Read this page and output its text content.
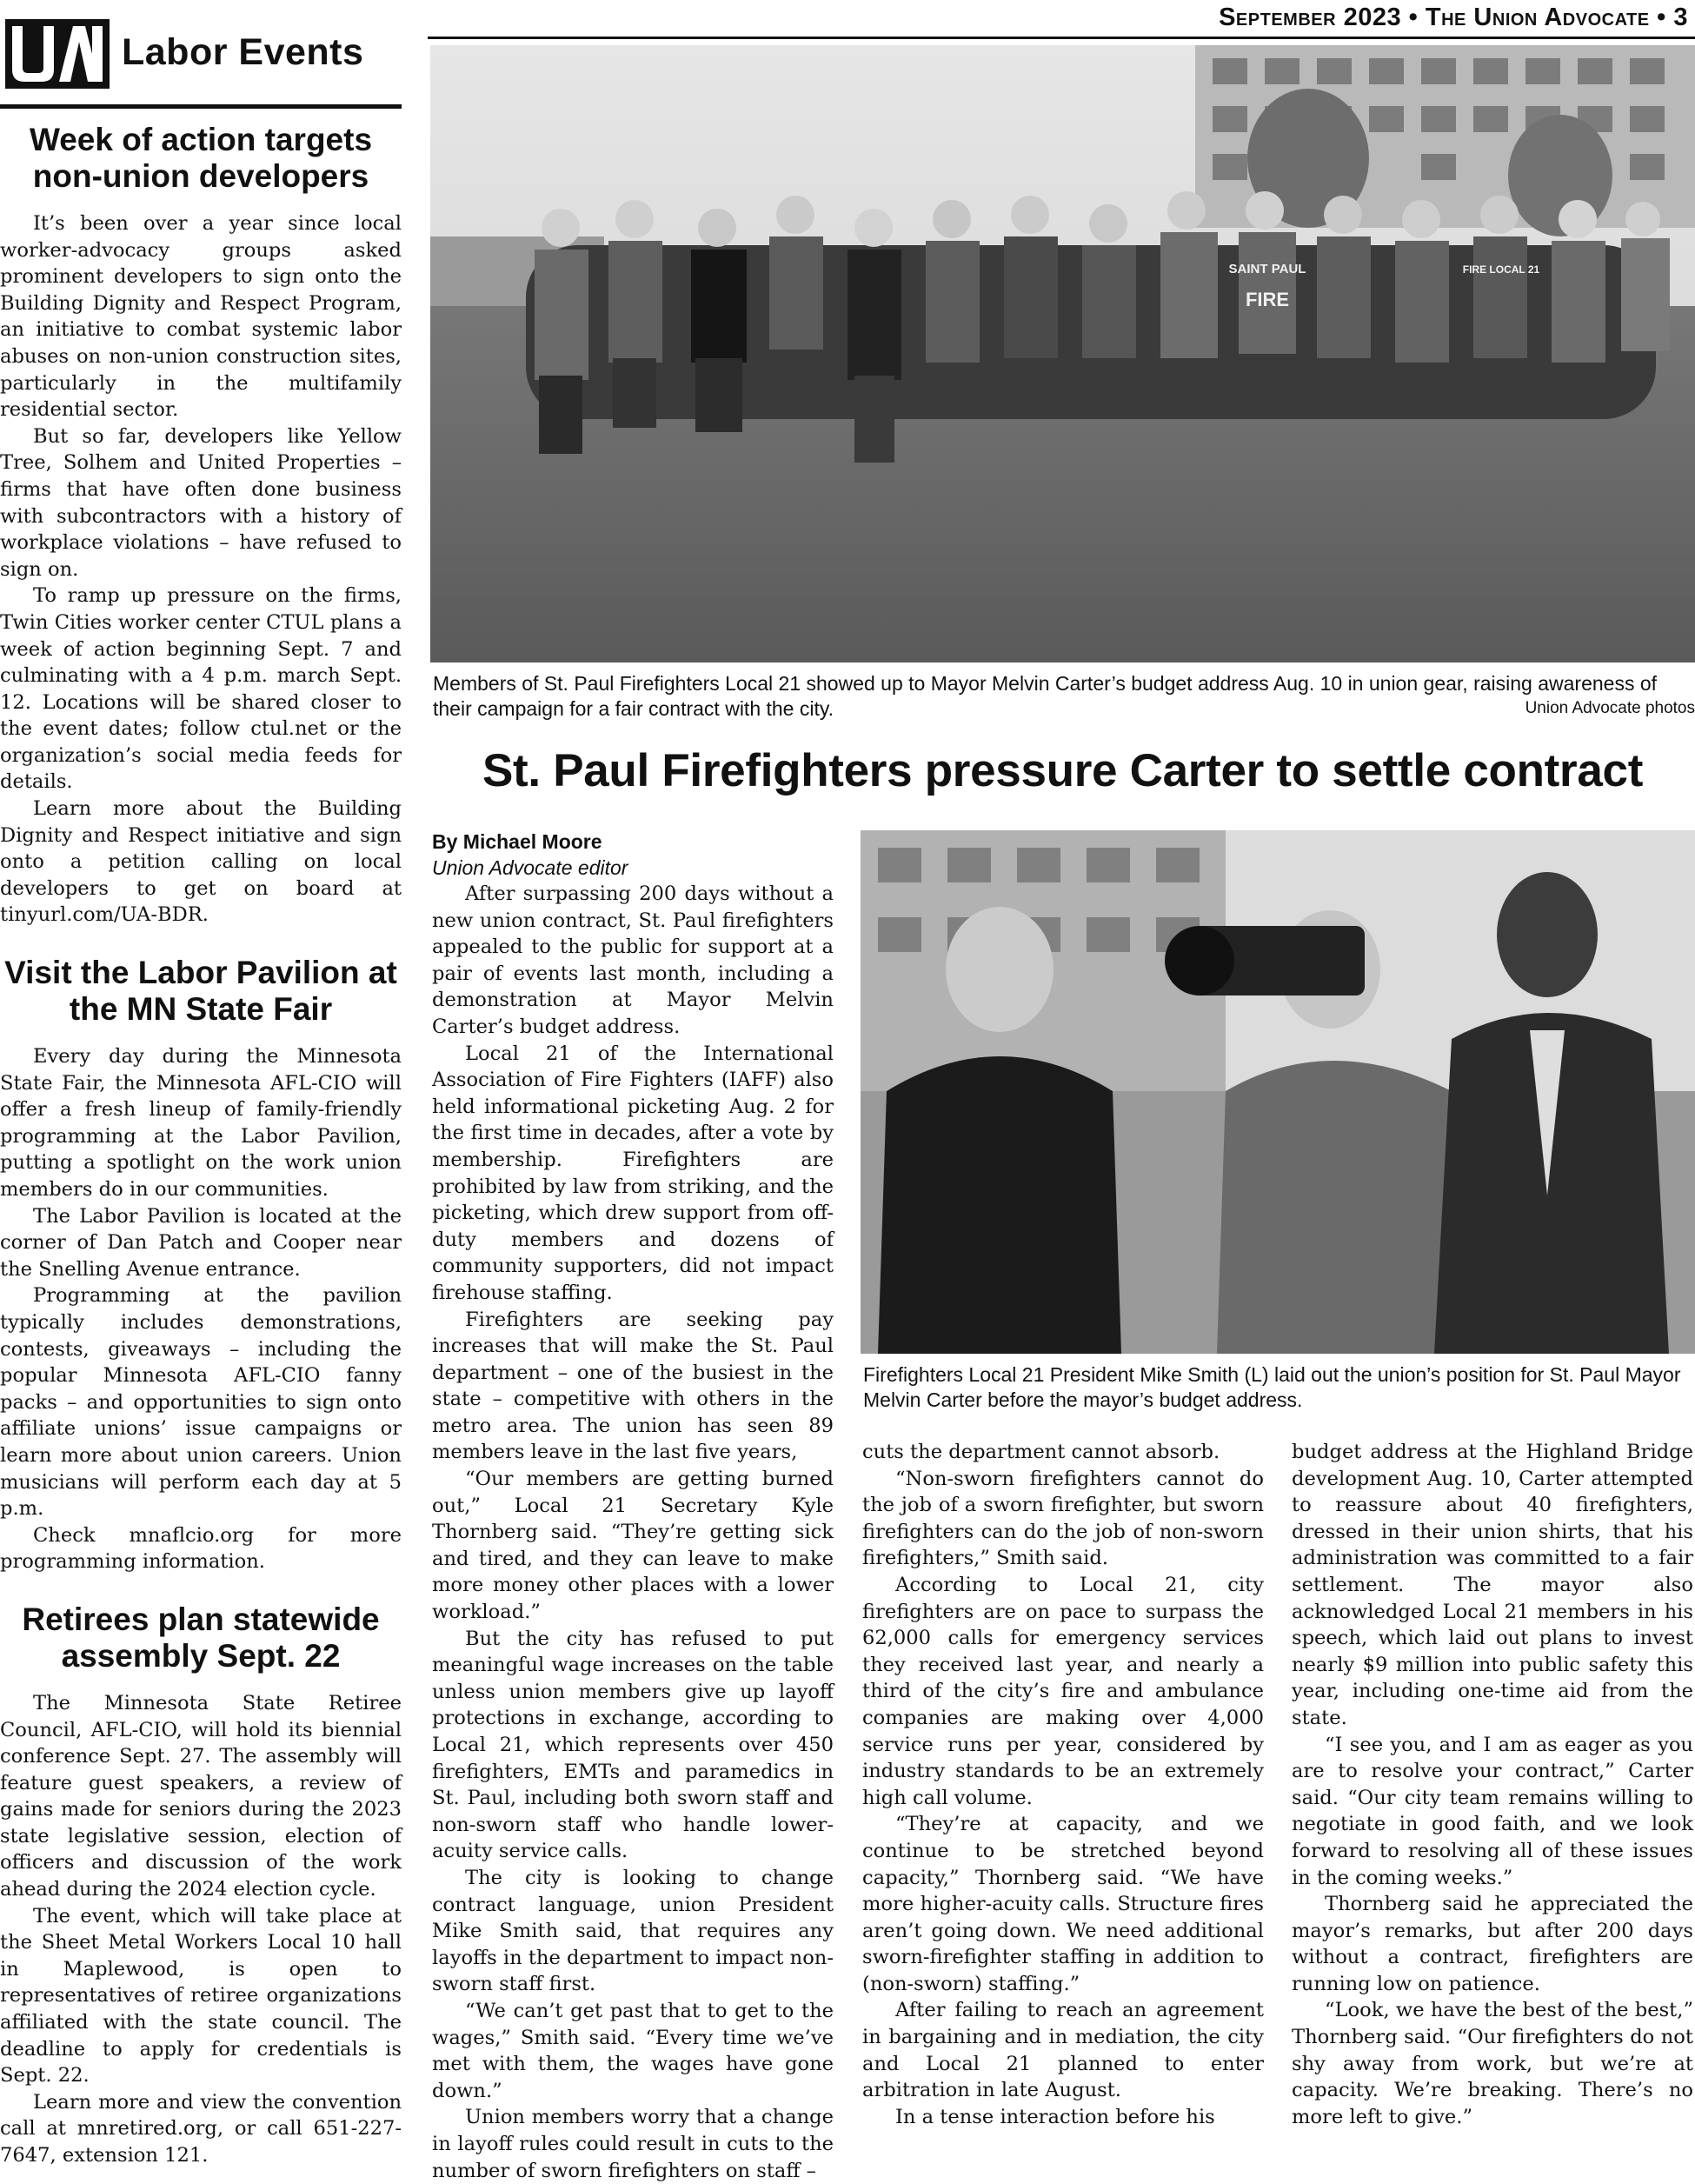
Labor Events
September 2023 • The Union Advocate • 3
Week of action targets non-union developers

It’s been over a year since local worker-advocacy groups asked prominent developers to sign onto the Building Dignity and Respect Program, an initiative to combat systemic labor abuses on non-union construction sites, particularly in the multifamily residential sector.

But so far, developers like Yellow Tree, Solhem and United Properties – firms that have often done business with subcontractors with a history of workplace violations – have refused to sign on.

To ramp up pressure on the firms, Twin Cities worker center CTUL plans a week of action beginning Sept. 7 and culminating with a 4 p.m. march Sept. 12. Locations will be shared closer to the event dates; follow ctul.net or the organization’s social media feeds for details.

Learn more about the Building Dignity and Respect initiative and sign onto a petition calling on local developers to get on board at tinyurl.com/UA-BDR.

Visit the Labor Pavilion at the MN State Fair

Every day during the Minnesota State Fair, the Minnesota AFL-CIO will offer a fresh lineup of family-friendly programming at the Labor Pavilion, putting a spotlight on the work union members do in our communities.

The Labor Pavilion is located at the corner of Dan Patch and Cooper near the Snelling Avenue entrance.

Programming at the pavilion typically includes demonstrations, contests, giveaways – including the popular Minnesota AFL-CIO fanny packs – and opportunities to sign onto affiliate unions’ issue campaigns or learn more about union careers. Union musicians will perform each day at 5 p.m.

Check mnaflcio.org for more programming information.

Retirees plan statewide assembly Sept. 22

The Minnesota State Retiree Council, AFL-CIO, will hold its biennial conference Sept. 27. The assembly will feature guest speakers, a review of gains made for seniors during the 2023 state legislative session, election of officers and discussion of the work ahead during the 2024 election cycle.

The event, which will take place at the Sheet Metal Workers Local 10 hall in Maplewood, is open to representatives of retiree organizations affiliated with the state council. The deadline to apply for credentials is Sept. 22.

Learn more and view the convention call at mnretired.org, or call 651-227-7647, extension 121.

SAINT PAUL
FIRE
FIRE LOCAL 21
Members of St. Paul Firefighters Local 21 showed up to Mayor Melvin Carter’s budget address Aug. 10 in union gear, raising awareness of their campaign for a fair contract with the city.	Union Advocate photos
St. Paul Firefighters pressure Carter to settle contract
By Michael Moore
Union Advocate editor

After surpassing 200 days without a new union contract, St. Paul firefighters appealed to the public for support at a pair of events last month, including a demonstration at Mayor Melvin Carter’s budget address.

Local 21 of the International Association of Fire Fighters (IAFF) also held informational picketing Aug. 2 for the first time in decades, after a vote by membership. Firefighters are prohibited by law from striking, and the picketing, which drew support from off-duty members and dozens of community supporters, did not impact firehouse staffing.

Firefighters are seeking pay increases that will make the St. Paul department – one of the busiest in the state – competitive with others in the metro area. The union has seen 89 members leave in the last five years,

“Our members are getting burned out,” Local 21 Secretary Kyle Thornberg said. “They’re getting sick and tired, and they can leave to make more money other places with a lower workload.”

But the city has refused to put meaningful wage increases on the table unless union members give up layoff protections in exchange, according to Local 21, which represents over 450 firefighters, EMTs and paramedics in St. Paul, including both sworn staff and non-sworn staff who handle lower-acuity service calls.

The city is looking to change contract language, union President Mike Smith said, that requires any layoffs in the department to impact non-sworn staff first.

“We can’t get past that to get to the wages,” Smith said. “Every time we’ve met with them, the wages have gone down.”

Union members worry that a change in layoff rules could result in cuts to the number of sworn firefighters on staff –

Firefighters Local 21 President Mike Smith (L) laid out the union’s position for St. Paul Mayor Melvin Carter before the mayor’s budget address.

cuts the department cannot absorb.

“Non-sworn firefighters cannot do the job of a sworn firefighter, but sworn firefighters can do the job of non-sworn firefighters,” Smith said.

According to Local 21, city firefighters are on pace to surpass the 62,000 calls for emergency services they received last year, and nearly a third of the city’s fire and ambulance companies are making over 4,000 service runs per year, considered by industry standards to be an extremely high call volume.

“They’re at capacity, and we continue to be stretched beyond capacity,” Thornberg said. “We have more higher-acuity calls. Structure fires aren’t going down. We need additional sworn-firefighter staffing in addition to (non-sworn) staffing.”

After failing to reach an agreement in bargaining and in mediation, the city and Local 21 planned to enter arbitration in late August.

In a tense interaction before his

budget address at the Highland Bridge development Aug. 10, Carter attempted to reassure about 40 firefighters, dressed in their union shirts, that his administration was committed to a fair settlement. The mayor also acknowledged Local 21 members in his speech, which laid out plans to invest nearly $9 million into public safety this year, including one-time aid from the state.

“I see you, and I am as eager as you are to resolve your contract,” Carter said. “Our city team remains willing to negotiate in good faith, and we look forward to resolving all of these issues in the coming weeks.”

Thornberg said he appreciated the mayor’s remarks, but after 200 days without a contract, firefighters are running low on patience.

“Look, we have the best of the best,” Thornberg said. “Our firefighters do not shy away from work, but we’re at capacity. We’re breaking. There’s no more left to give.”
